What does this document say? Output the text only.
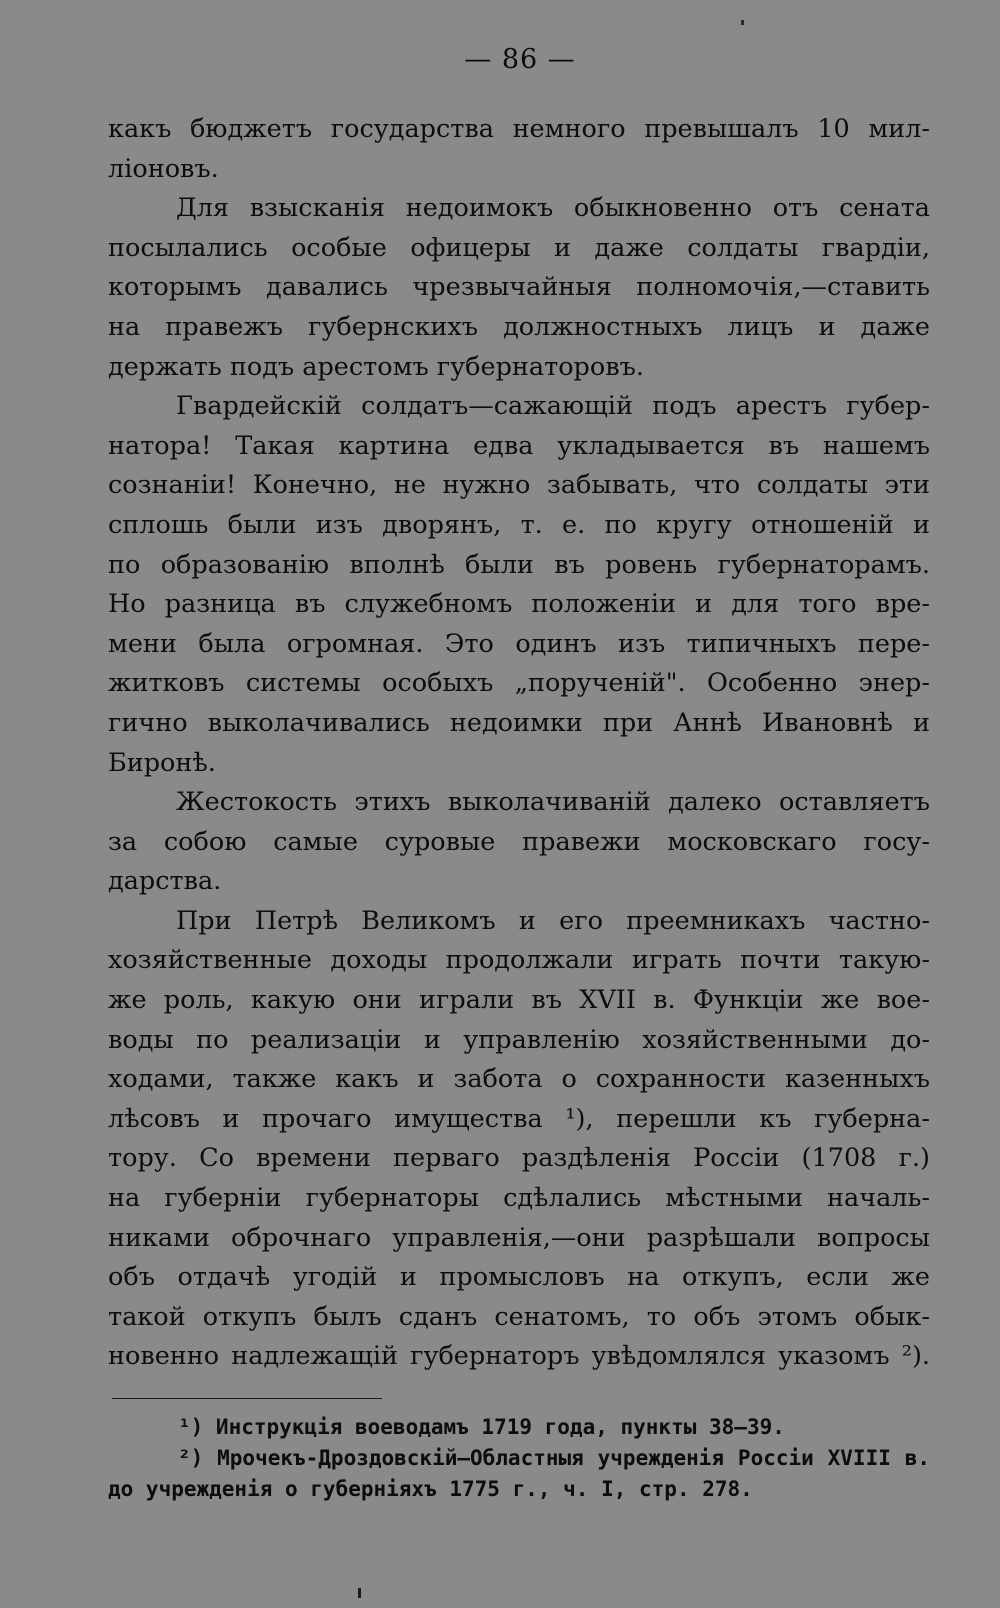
— 86 —
какъ бюджетъ государства немного превышалъ 10 мил-
ліоновъ.
Для взысканія недоимокъ обыкновенно отъ сената
посылались особые офицеры и даже солдаты гвардіи,
которымъ давались чрезвычайныя полномочія,—ставить
на правежъ губернскихъ должностныхъ лицъ и даже
держать подъ арестомъ губернаторовъ.
Гвардейскій солдатъ—сажающій подъ арестъ губер-
натора! Такая картина едва укладывается въ нашемъ
сознаніи! Конечно, не нужно забывать, что солдаты эти
сплошь были изъ дворянъ, т. е. по кругу отношеній и
по образованію вполнѣ были въ ровень губернаторамъ.
Но разница въ служебномъ положеніи и для того вре-
мени была огромная. Это одинъ изъ типичныхъ пере-
житковъ системы особыхъ „порученій". Особенно энер-
гично выколачивались недоимки при Аннѣ Ивановнѣ и
Биронѣ.
Жестокость этихъ выколачиваній далеко оставляетъ
за собою самые суровые правежи московскаго госу-
дарства.
При Петрѣ Великомъ и его преемникахъ частно-
хозяйственные доходы продолжали играть почти такую-
же роль, какую они играли въ XVII в. Функціи же вое-
воды по реализаціи и управленію хозяйственными до-
ходами, также какъ и забота о сохранности казенныхъ
лѣсовъ и прочаго имущества ¹), перешли къ губерна-
тору. Со времени перваго раздѣленія Россіи (1708 г.)
на губерніи губернаторы сдѣлались мѣстными началь-
никами оброчнаго управленія,—они разрѣшали вопросы
объ отдачѣ угодій и промысловъ на откупъ, если же
такой откупъ былъ сданъ сенатомъ, то объ этомъ обык-
новенно надлежащій губернаторъ увѣдомлялся указомъ ²).
¹) Инструкція воеводамъ 1719 года, пункты 38—39.
²) Мрочекъ-Дроздовскій—Областныя учрежденія Россіи XVIII в.
до учрежденія о губерніяхъ 1775 г., ч. I, стр. 278.
